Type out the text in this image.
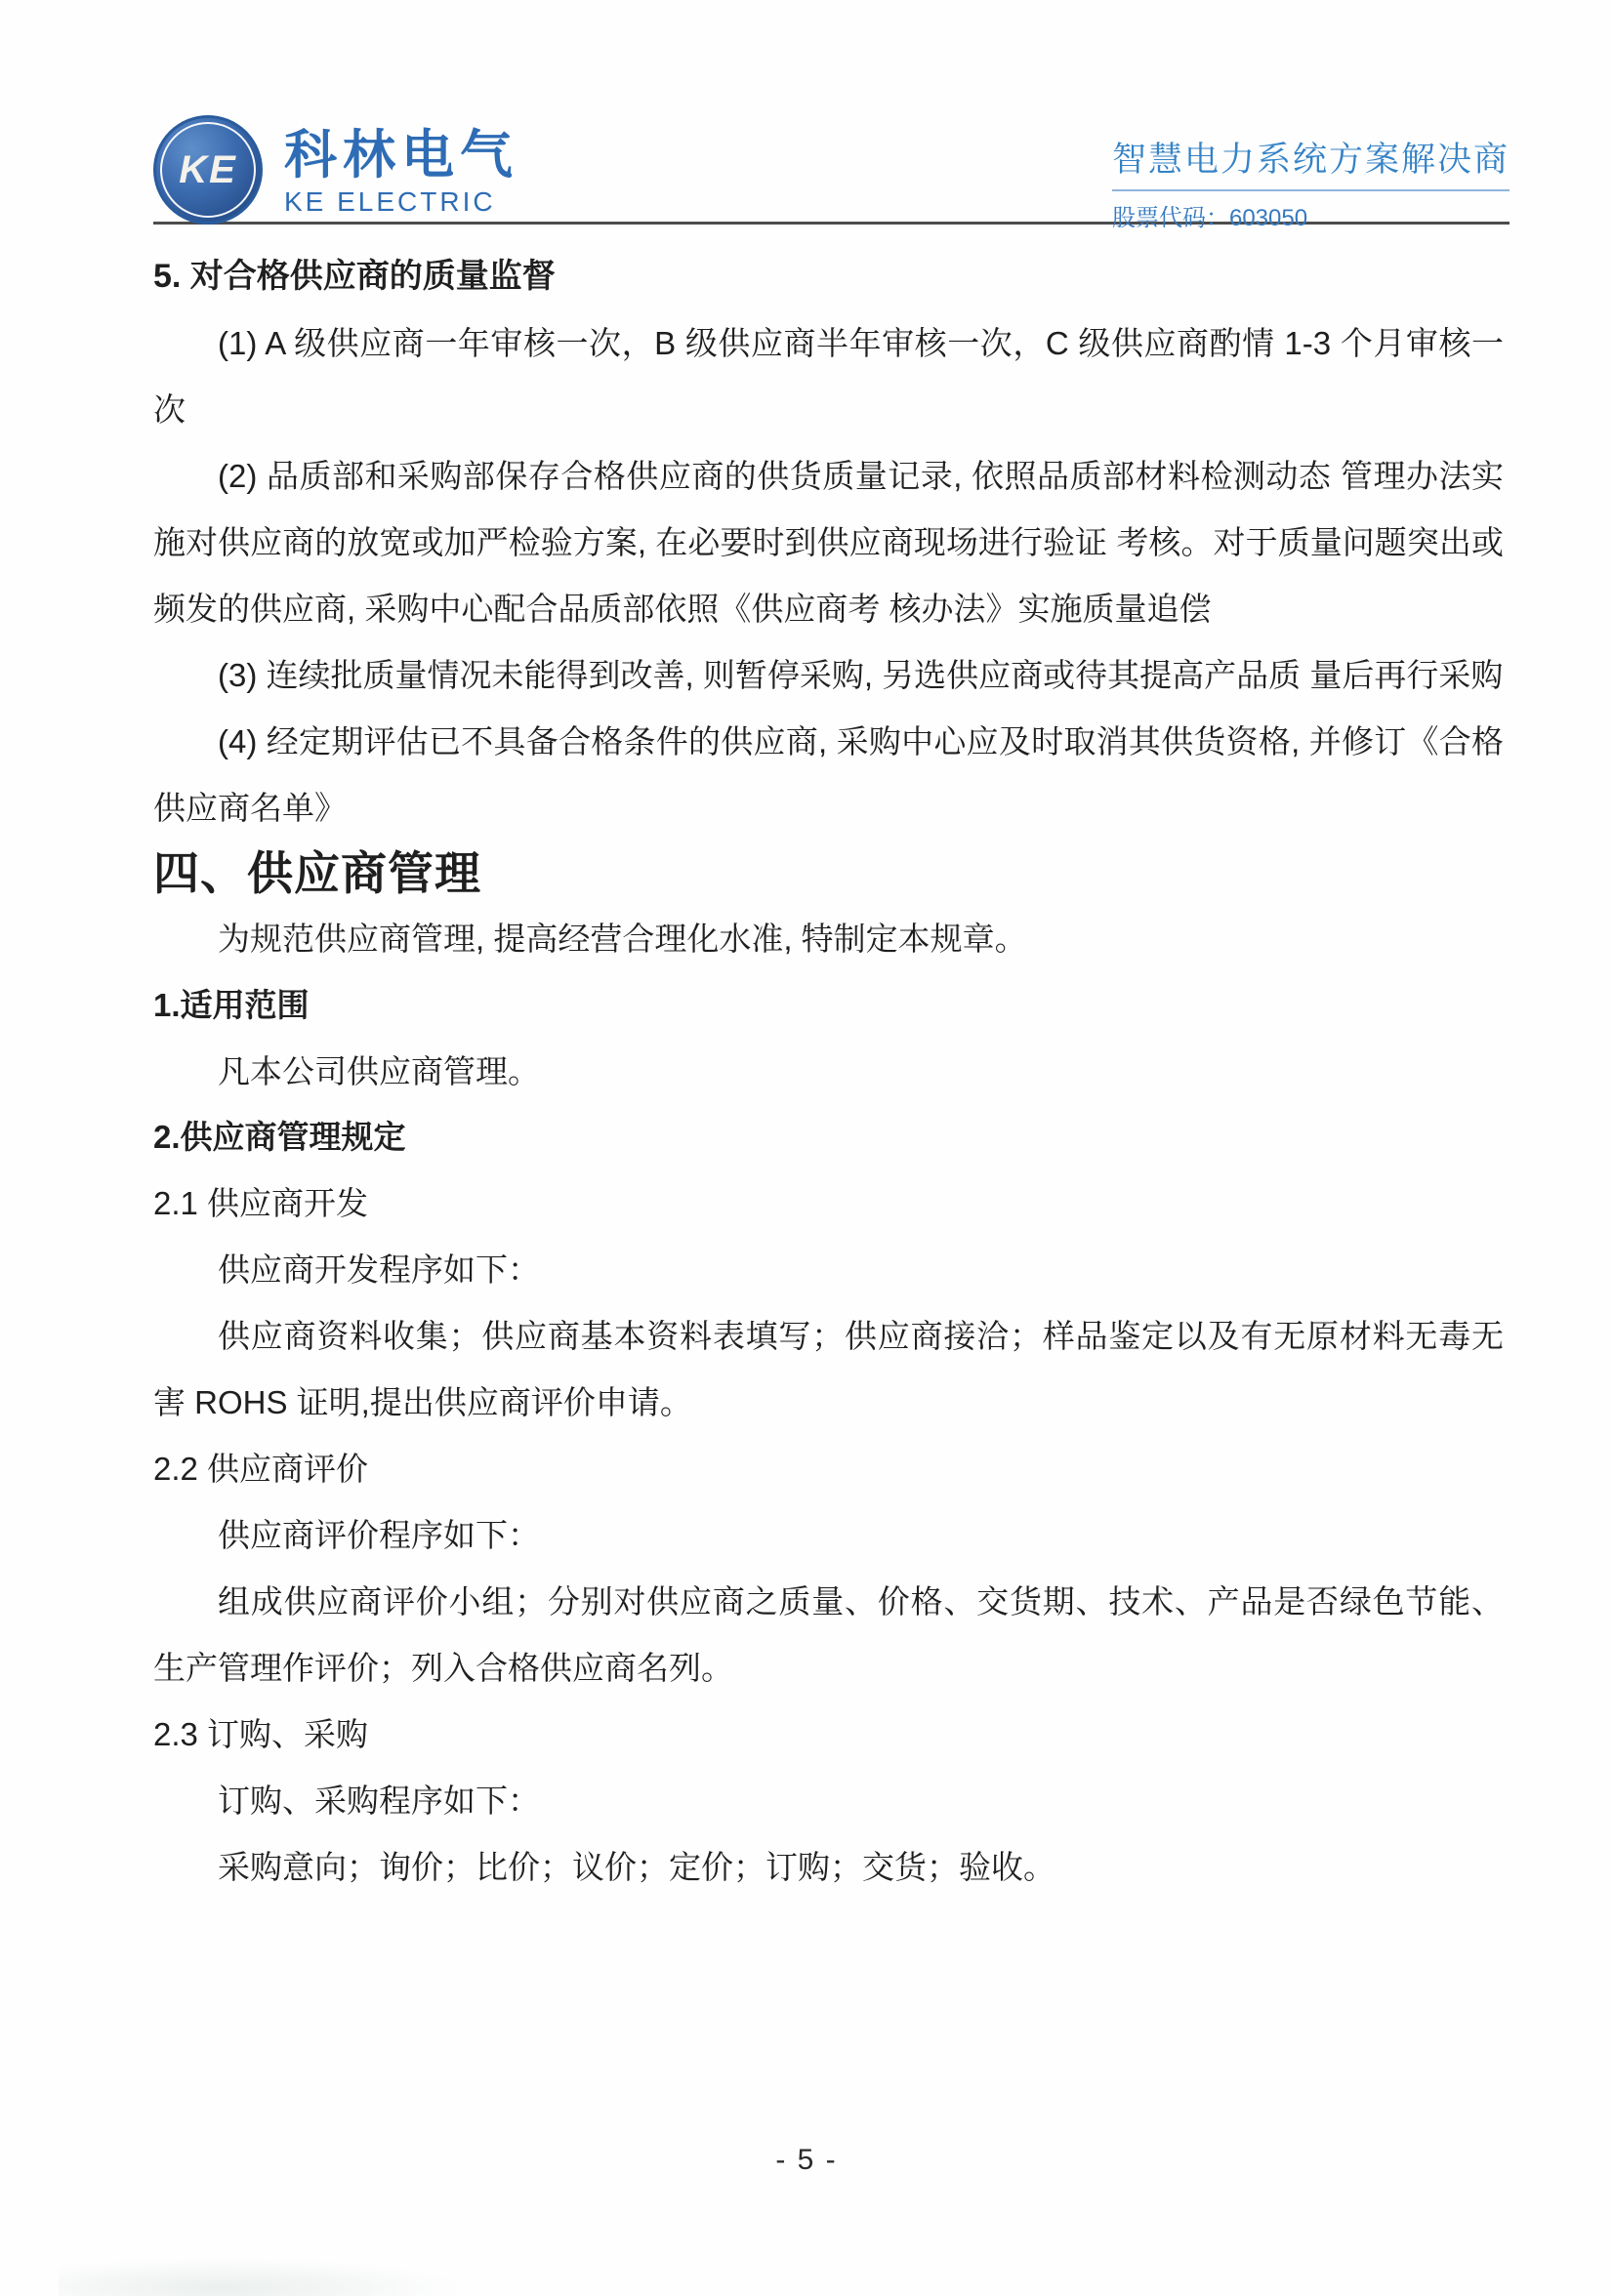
KE 科林电气
KE ELECTRIC
智慧电力系统方案解决商
股票代码：603050

5. 对合格供应商的质量监督

(1) A 级供应商一年审核一次，B 级供应商半年审核一次，C 级供应商酌情 1-3 个月审核一次

(2) 品质部和采购部保存合格供应商的供货质量记录, 依照品质部材料检测动态 管理办法实施对供应商的放宽或加严检验方案, 在必要时到供应商现场进行验证 考核。对于质量问题突出或频发的供应商, 采购中心配合品质部依照《供应商考 核办法》实施质量追偿

(3) 连续批质量情况未能得到改善, 则暂停采购, 另选供应商或待其提高产品质 量后再行采购

(4) 经定期评估已不具备合格条件的供应商, 采购中心应及时取消其供货资格, 并修订《合格供应商名单》

四、供应商管理

为规范供应商管理, 提高经营合理化水准, 特制定本规章。

1.适用范围

凡本公司供应商管理。

2.供应商管理规定

2.1 供应商开发

供应商开发程序如下：

供应商资料收集；供应商基本资料表填写；供应商接洽；样品鉴定以及有无原材料无毒无害 ROHS 证明,提出供应商评价申请。

2.2 供应商评价

供应商评价程序如下：

组成供应商评价小组；分别对供应商之质量、价格、交货期、技术、产品是否绿色节能、生产管理作评价；列入合格供应商名列。

2.3 订购、采购

订购、采购程序如下：

采购意向；询价；比价；议价；定价；订购；交货；验收。

- 5 -
